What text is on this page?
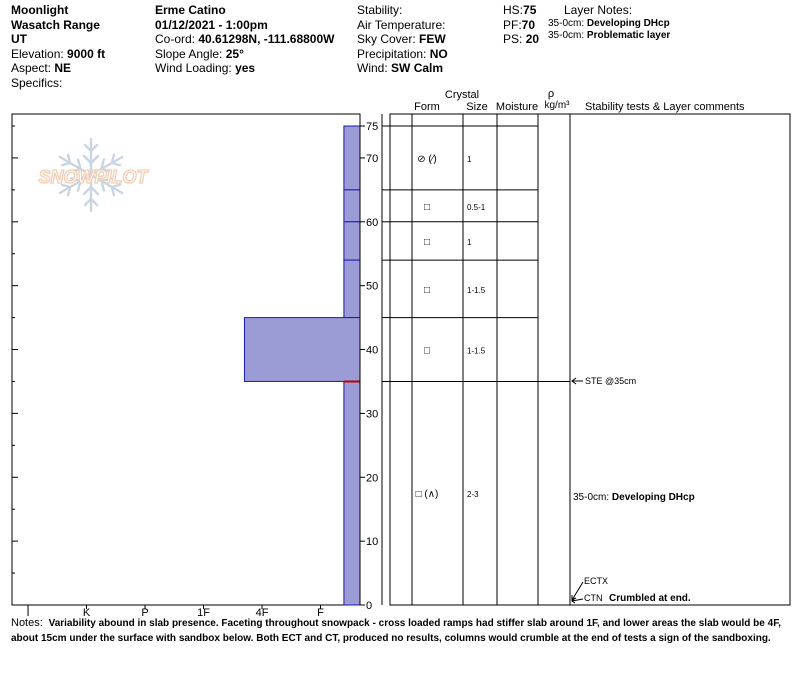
Moonlight
Wasatch Range
UT
Elevation: 9000 ft
Aspect: NE
Specifics:
Erme Catino
01/12/2021 - 1:00pm
Co-ord: 40.61298N, -111.68800W
Slope Angle: 25°
Wind Loading: yes
Stability:
Air Temperature:
Sky Cover: FEW
Precipitation: NO
Wind: SW Calm
HS:75
PF:70
PS: 20
Layer Notes:
35-0cm: Developing DHcp
35-0cm: Problematic layer
SNOWPILOT
0
10
20
30
40
50
60
70
75
I	K	P	1F	4F	F
Crystal
Form Size Moisture
ρ
kg/m³ Stability tests & Layer comments
⊘ (⁄)	1
□	0.5-1
□	1
□	1-1.5
□	1-1.5
□ (∧)	2-3
STE @35cm
35-0cm: Developing DHcp
ECTX
CTN Crumbled at end.
Notes: Variability abound in slab presence. Faceting throughout snowpack - cross loaded ramps had stiffer slab around 1F, and lower areas the slab would be 4F, about 15cm under the surface with sandbox below. Both ECT and CT, produced no results, columns would crumble at the end of tests a sign of the sandboxing.
